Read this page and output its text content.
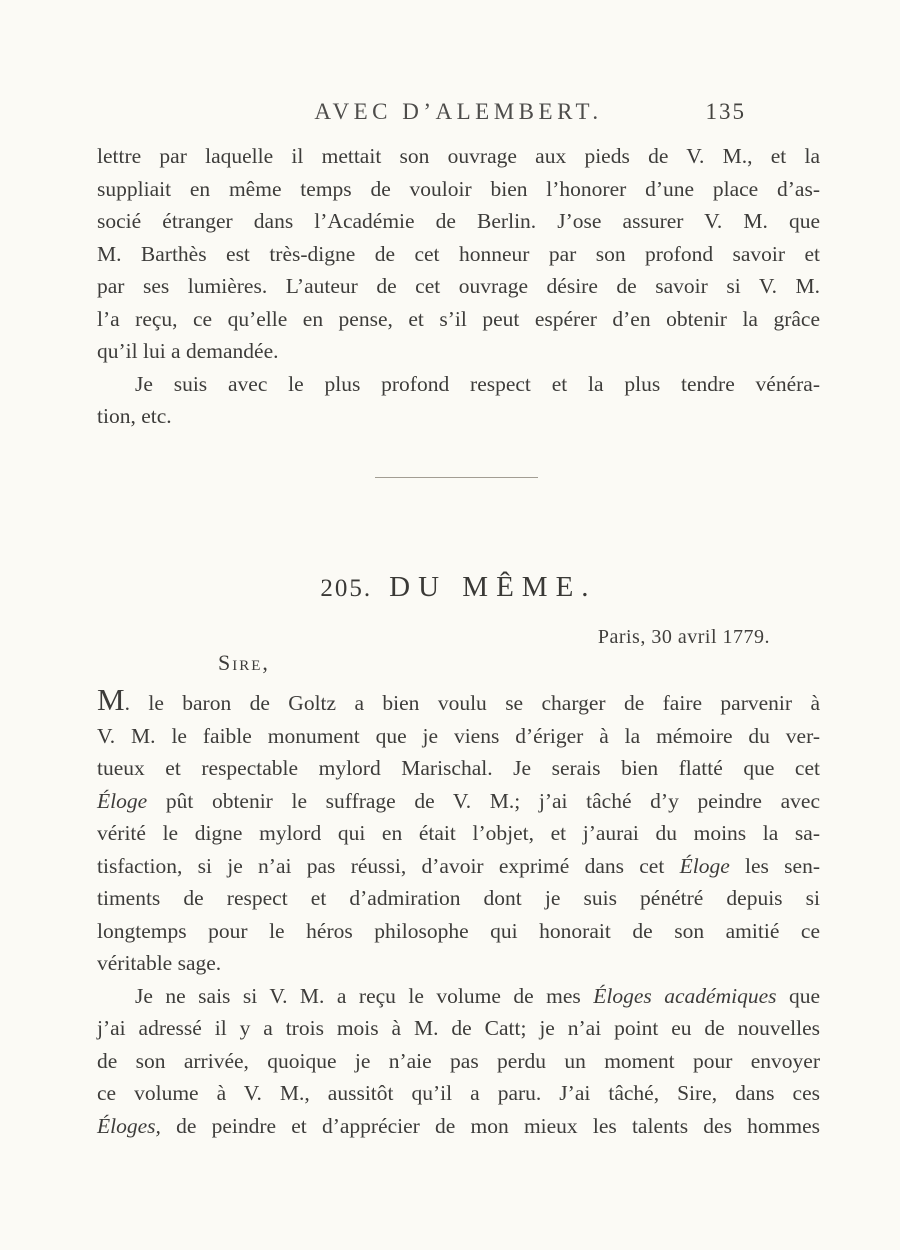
AVEC D’ALEMBERT.	135
lettre par laquelle il mettait son ouvrage aux pieds de V. M., et la
suppliait en même temps de vouloir bien l’honorer d’une place d’as-
socié étranger dans l’Académie de Berlin. J’ose assurer V. M. que
M. Barthès est très-digne de cet honneur par son profond savoir et
par ses lumières. L’auteur de cet ouvrage désire de savoir si V. M.
l’a reçu, ce qu’elle en pense, et s’il peut espérer d’en obtenir la grâce
qu’il lui a demandée.
Je suis avec le plus profond respect et la plus tendre vénéra-
tion, etc.
205. DU MÊME.
Paris, 30 avril 1779.
Sire,
M. le baron de Goltz a bien voulu se charger de faire parvenir à
V. M. le faible monument que je viens d’ériger à la mémoire du ver-
tueux et respectable mylord Marischal. Je serais bien flatté que cet
Éloge pût obtenir le suffrage de V. M.; j’ai tâché d’y peindre avec
vérité le digne mylord qui en était l’objet, et j’aurai du moins la sa-
tisfaction, si je n’ai pas réussi, d’avoir exprimé dans cet Éloge les sen-
timents de respect et d’admiration dont je suis pénétré depuis si
longtemps pour le héros philosophe qui honorait de son amitié ce
véritable sage.
Je ne sais si V. M. a reçu le volume de mes Éloges académiques que
j’ai adressé il y a trois mois à M. de Catt; je n’ai point eu de nouvelles
de son arrivée, quoique je n’aie pas perdu un moment pour envoyer
ce volume à V. M., aussitôt qu’il a paru. J’ai tâché, Sire, dans ces
Éloges, de peindre et d’apprécier de mon mieux les talents des hommes
